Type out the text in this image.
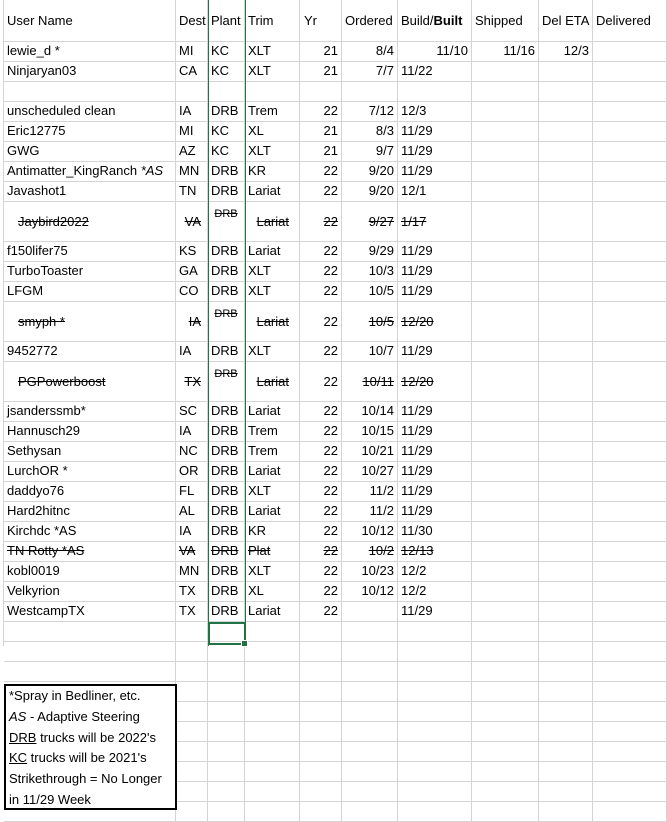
User Name	Dest Plant Trim	Yr	Ordered Build/Built Shipped	Del ETA Delivered
lewie_d *	MI	KC	XLT	21	8/4	11/10	11/16	12/3
Ninjaryan03	CA	KC	XLT	21	7/7 11/22
unscheduled clean	IA	DRB Trem	22	7/12 12/3
Eric12775	MI	KC	XL	21	8/3 11/29
GWG	AZ	KC	XLT	21	9/7 11/29
Antimatter_KingRanch *AS	MN DRB KR	22	9/20 11/29
Javashot1	TN	DRB Lariat	22	9/20 12/1
Jaybird2022	VA	DRB	Lariat	22	9/27 1/17
f150lifer75	KS	DRB Lariat	22	9/29 11/29
TurboToaster	GA	DRB XLT	22	10/3 11/29
LFGM	CO DRB XLT	22	10/5 11/29
smyph *	IA	DRB	Lariat	22	10/5 12/20
9452772	IA	DRB XLT	22	10/7 11/29
PGPowerboost	TX	DRB	Lariat	22	10/11 12/20
jsanderssmb*	SC	DRB Lariat	22	10/14 11/29
Hannusch29	IA	DRB Trem	22	10/15 11/29
Sethysan	NC	DRB Trem	22	10/21 11/29
LurchOR *	OR DRB Lariat	22	10/27 11/29
daddyo76	FL	DRB XLT	22	11/2 11/29
Hard2hitnc	AL	DRB Lariat	22	11/2 11/29
Kirchdc *AS	IA	DRB KR	22	10/12 11/30
TN Rotty *AS	VA	DRB Plat	22	10/2 12/13
kobl0019	MN DRB XLT	22	10/23 12/2
Velkyrion	TX	DRB XL	22	10/12 12/2
WestcampTX	TX	DRB Lariat	22	11/29
*Spray in Bedliner, etc.
AS - Adaptive Steering
DRB trucks will be 2022's
KC trucks will be 2021's
Strikethrough = No Longer
in 11/29 Week
